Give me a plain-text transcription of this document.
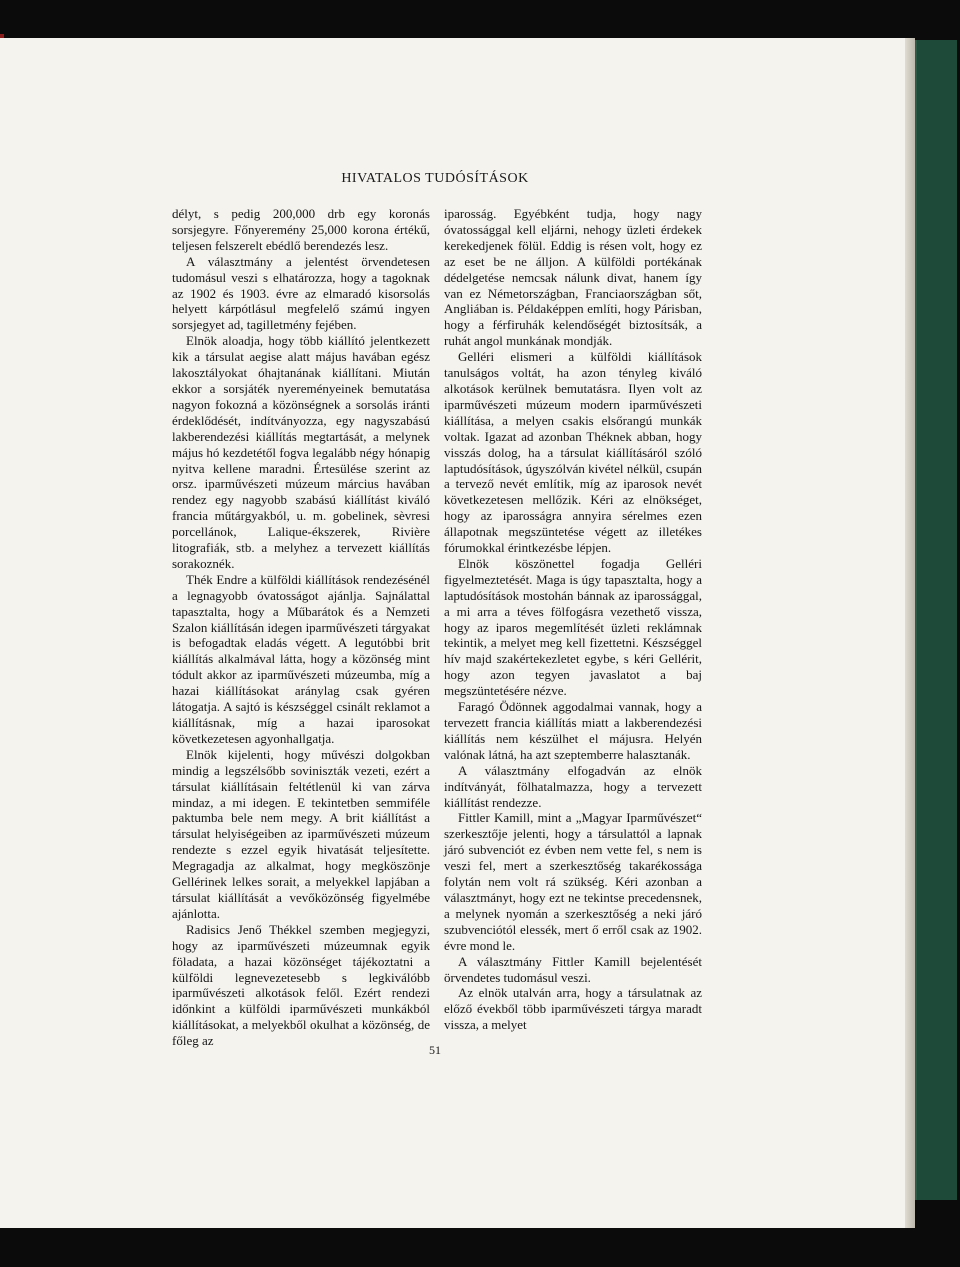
HIVATALOS TUDÓSÍTÁSOK

délyt, s pedig 200,000 drb egy koronás sorsjegyre. Főnyeremény 25,000 korona értékű, teljesen felszerelt ebédlő berendezés lesz.

A választmány a jelentést örvendetesen tudomásul veszi s elhatározza, hogy a tagoknak az 1902 és 1903. évre az elmaradó kisorsolás helyett kárpótlásul megfelelő számú ingyen sorsjegyet ad, tagilletmény fejében.

Elnök aloadja, hogy több kiállító jelentkezett kik a társulat aegise alatt május havában egész lakosztályokat óhajtanának kiállítani. Miután ekkor a sorsjáték nyereményeinek bemutatása nagyon fokozná a közönségnek a sorsolás iránti érdeklődését, indítványozza, egy nagyszabású lakberendezési kiállítás megtartását, a melynek május hó kezdetétől fogva legalább négy hónapig nyitva kellene maradni. Értesülése szerint az orsz. iparművészeti múzeum március havában rendez egy nagyobb szabású kiállítást kiváló francia műtárgyakból, u. m. gobelinek, sèvresi porcellánok, Lalique-ékszerek, Rivière litografiák, stb. a melyhez a tervezett kiállítás sorakoznék.

Thék Endre a külföldi kiállítások rendezésénél a legnagyobb óvatosságot ajánlja. Sajnálattal tapasztalta, hogy a Műbarátok és a Nemzeti Szalon kiállításán idegen iparművészeti tárgyakat is befogadtak eladás végett. A legutóbbi brit kiállítás alkalmával látta, hogy a közönség mint tódult akkor az iparművészeti múzeumba, míg a hazai kiállításokat aránylag csak gyéren látogatja. A sajtó is készséggel csinált reklamot a kiállításnak, míg a hazai iparosokat következetesen agyonhallgatja.

Elnök kijelenti, hogy művészi dolgokban mindig a legszélsőbb soviniszták vezeti, ezért a társulat kiállításain feltétlenül ki van zárva mindaz, a mi idegen. E tekintetben semmiféle paktumba bele nem megy. A brit kiállítást a társulat helyiségeiben az iparművészeti múzeum rendezte s ezzel egyik hivatását teljesítette. Megragadja az alkalmat, hogy megköszönje Gellérinek lelkes sorait, a melyekkel lapjában a társulat kiállítását a vevőközönség figyelmébe ajánlotta.

Radisics Jenő Thékkel szemben megjegyzi, hogy az iparművészeti múzeumnak egyik föladata, a hazai közönséget tájékoztatni a külföldi legnevezetesebb s legkiválóbb iparművészeti alkotások felől. Ezért rendezi időnkint a külföldi iparművészeti munkákból kiállításokat, a melyekből okulhat a közönség, de főleg az

iparosság. Egyébként tudja, hogy nagy óvatossággal kell eljárni, nehogy üzleti érdekek kerekedjenek fölül. Eddig is résen volt, hogy ez az eset be ne álljon. A külföldi portékának dédelgetése nemcsak nálunk divat, hanem így van ez Németországban, Franciaországban sőt, Angliában is. Példaképpen említi, hogy Párisban, hogy a férfiruhák kelendőségét biztosítsák, a ruhát angol munkának mondják.

Gelléri elismeri a külföldi kiállítások tanulságos voltát, ha azon tényleg kiváló alkotások kerülnek bemutatásra. Ilyen volt az iparművészeti múzeum modern iparművészeti kiállítása, a melyen csakis elsőrangú munkák voltak. Igazat ad azonban Théknek abban, hogy visszás dolog, ha a társulat kiállításáról szóló laptudósítások, úgyszólván kivétel nélkül, csupán a tervező nevét említik, míg az iparosok nevét következetesen mellőzik. Kéri az elnökséget, hogy az iparosságra annyira sérelmes ezen állapotnak megszüntetése végett az illetékes fórumokkal érintkezésbe lépjen.

Elnök köszönettel fogadja Gelléri figyelmeztetését. Maga is úgy tapasztalta, hogy a laptudósítások mostohán bánnak az iparossággal, a mi arra a téves fölfogásra vezethető vissza, hogy az iparos megemlítését üzleti reklámnak tekintik, a melyet meg kell fizettetni. Készséggel hív majd szakértekezletet egybe, s kéri Gellérit, hogy azon tegyen javaslatot a baj megszüntetésére nézve.

Faragó Ödönnek aggodalmai vannak, hogy a tervezett francia kiállítás miatt a lakberendezési kiállítás nem készülhet el májusra. Helyén valónak látná, ha azt szeptemberre halasztanák.

A választmány elfogadván az elnök indítványát, fölhatalmazza, hogy a tervezett kiállítást rendezze.

Fittler Kamill, mint a „Magyar Iparművészet“ szerkesztője jelenti, hogy a társulattól a lapnak járó subvenciót ez évben nem vette fel, s nem is veszi fel, mert a szerkesztőség takarékossága folytán nem volt rá szükség. Kéri azonban a választmányt, hogy ezt ne tekintse precedensnek, a melynek nyomán a szerkesztőség a neki járó szubvenciótól elessék, mert ő erről csak az 1902. évre mond le.

A választmány Fittler Kamill bejelentését örvendetes tudomásul veszi.

Az elnök utalván arra, hogy a társulatnak az előző évekből több iparművészeti tárgya maradt vissza, a melyet

51
